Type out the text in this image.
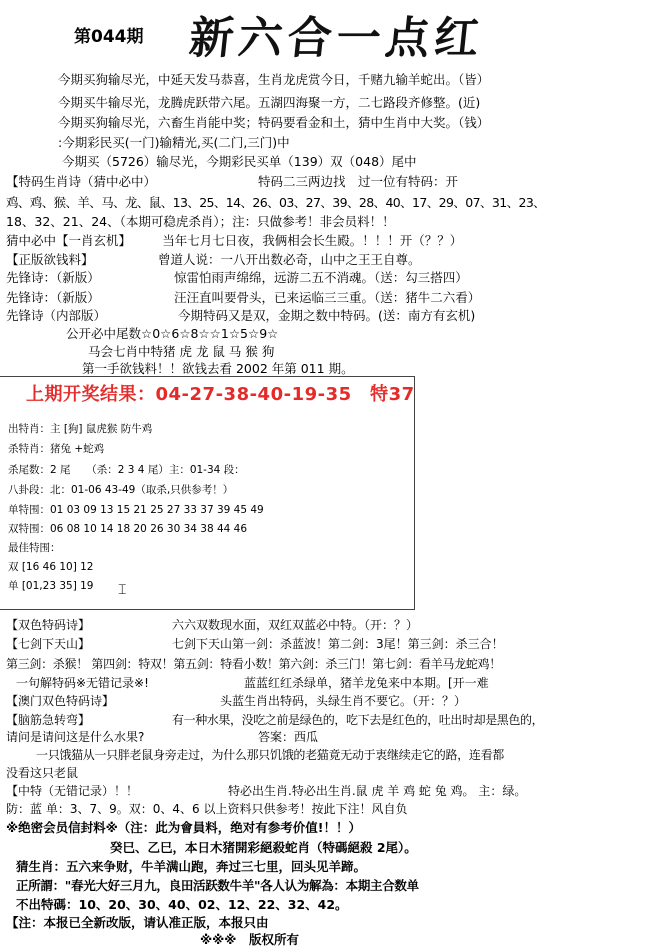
第044期 新六合一点红
今期买狗输尽光，中延天发马恭喜，生肖龙虎赏今日，千赌九输羊蛇出。（皆）
今期买牛输尽光，龙腾虎跃带六尾。五湖四海聚一方，二七路段齐修整。(近)
今期买狗输尽光，六畜生肖能中奖；特码要看金和土，猜中生肖中大奖。（钱）
:今期彩民买(一门)输精光,买(二门,三门)中
今期买（5726）输尽光，今期彩民买单（139）双（048）尾中
【特码生肖诗（猜中必中）	特码二三两边找　过一位有特码：开
鸡、鸡、猴、羊、马、龙、鼠、13、25、14、26、03、27、39、28、40、17、29、07、31、23、
18、32、21、24、（本期可稳虎杀肖）；注：只做参考！非会员料！！
猜中必中【一肖玄机】　　　当年七月七日夜，我俩相会长生殿。！！！开（？？）
【正版欲钱料】	曾道人说：一八开出数必奇，山中之王王自尊。
先锋诗：（新版）	惊雷怕雨声绵绵，远游二五不消魂。（送：勾三搭四）
先锋诗：（新版）	汪汪直叫要骨头，已来运临三三重。（送：猪牛二六看）
先锋诗（内部版）	今期特码又是双，金期之数中特码。(送：南方有玄机)
公开必中尾数☆0☆6☆8☆☆1☆5☆9☆
马会七肖中特猪 虎 龙 鼠 马 猴 狗
第一手欲钱料！！欲钱去看 2002 年第 011 期。
上期开奖结果：04-27-38-40-19-35　特37
出特肖：主 [狗] 鼠虎猴 防牛鸡
杀特肖：猪兔 +蛇鸡
杀尾数：2 尾　　（杀：2 3 4 尾）主：01-34 段：
八卦段：北：01-06 43-49（取杀,只供参考！）
单特围：01 03 09 13 15 21 25 27 33 37 39 45 49
双特围：06 08 10 14 18 20 26 30 34 38 44 46
最佳特围：
双 [16 46 10] 12
单 [01,23 35] 19 ⌶
【双色特码诗】	六六双数现水面，双红双蓝必中特。（开：？）
【七剑下天山】	七剑下天山第一剑：杀蓝波！第二剑：3尾！第三剑：杀三合！
第三剑：杀猴！ 第四剑：特双！第五剑：特看小数！第六剑：杀三门！第七剑：看羊马龙蛇鸡！
一句解特码※无错记录※!	蓝蓝红红杀绿单，猪羊龙兔来中本期。[开一难
【澳门双色特码诗】	头蓝生肖出特码，头绿生肖不要它。（开：？）
【脑筋急转弯】	有一种水果，没吃之前是绿色的，吃下去是红色的，吐出时却是黑色的，
请问是请问这是什么水果?	答案：西瓜
一只饿猫从一只胖老鼠身旁走过，为什么那只饥饿的老猫竟无动于衷继续走它的路，连看都
没看这只老鼠
【中特（无错记录）！！	特必出生肖.特必出生肖.鼠 虎 羊 鸡 蛇 兔 鸡。 主：绿。
防：蓝 单：3、7、9。双：0、4、6 以上资料只供参考！按此下注！风自负
※绝密会员信封料※（注：此为會員料，绝对有参考价值!！！）
癸巳、乙巳，本日木猪開彩絕殺蛇肖（特碼絕殺 2尾）。
猜生肖：五六来争财，牛羊满山跑，奔过三七里，回头见羊蹄。
正所謂："春光大好三月九，良田活跃数牛羊"各人认为解為：本期主合数单
不出特碼：10、20、30、40、02、12、22、32、42。
【注：本报已全新改版，请认准正版，本报只由
※※※　版权所有
